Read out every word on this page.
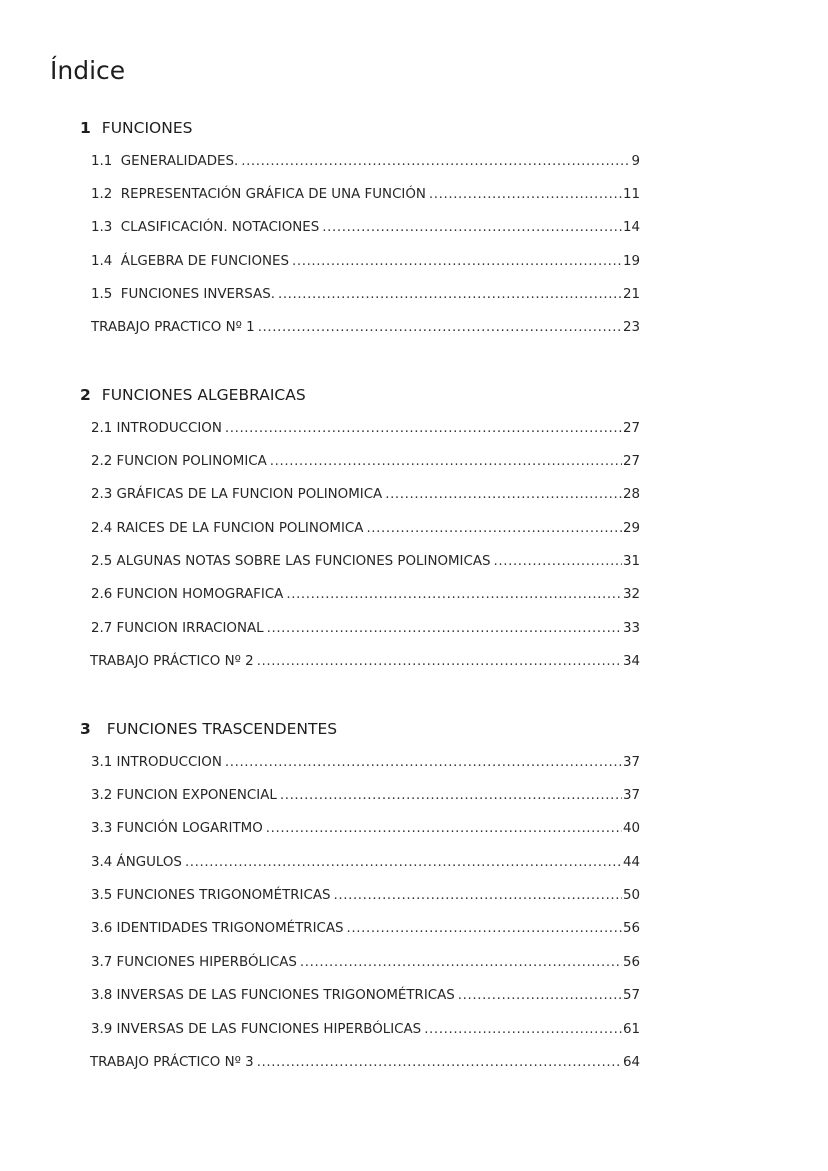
Índice
1 FUNCIONES
1.1  GENERALIDADES. .....	9
1.2  REPRESENTACIÓN GRÁFICA DE UNA FUNCIÓN .....	11
1.3  CLASIFICACIÓN. NOTACIONES .....	14
1.4  ÁLGEBRA DE FUNCIONES .....	19
1.5  FUNCIONES INVERSAS. .....	21
TRABAJO PRACTICO Nº 1 .....	23
2 FUNCIONES ALGEBRAICAS
2.1 INTRODUCCION .....	27
2.2 FUNCION POLINOMICA .....	27
2.3 GRÁFICAS DE LA FUNCION POLINOMICA .....	28
2.4 RAICES DE LA FUNCION POLINOMICA .....	29
2.5 ALGUNAS NOTAS SOBRE LAS FUNCIONES POLINOMICAS .....	31
2.6 FUNCION HOMOGRAFICA .....	32
2.7 FUNCION IRRACIONAL .....	33
TRABAJO PRÁCTICO Nº 2 .....	34
3 FUNCIONES TRASCENDENTES
3.1 INTRODUCCION .....	37
3.2 FUNCION EXPONENCIAL .....	37
3.3 FUNCIÓN LOGARITMO .....	40
3.4 ÁNGULOS .....	44
3.5 FUNCIONES TRIGONOMÉTRICAS .....	50
3.6 IDENTIDADES TRIGONOMÉTRICAS .....	56
3.7 FUNCIONES HIPERBÓLICAS .....	56
3.8 INVERSAS DE LAS FUNCIONES TRIGONOMÉTRICAS .....	57
3.9 INVERSAS DE LAS FUNCIONES HIPERBÓLICAS .....	61
TRABAJO PRÁCTICO Nº 3 .....	64
